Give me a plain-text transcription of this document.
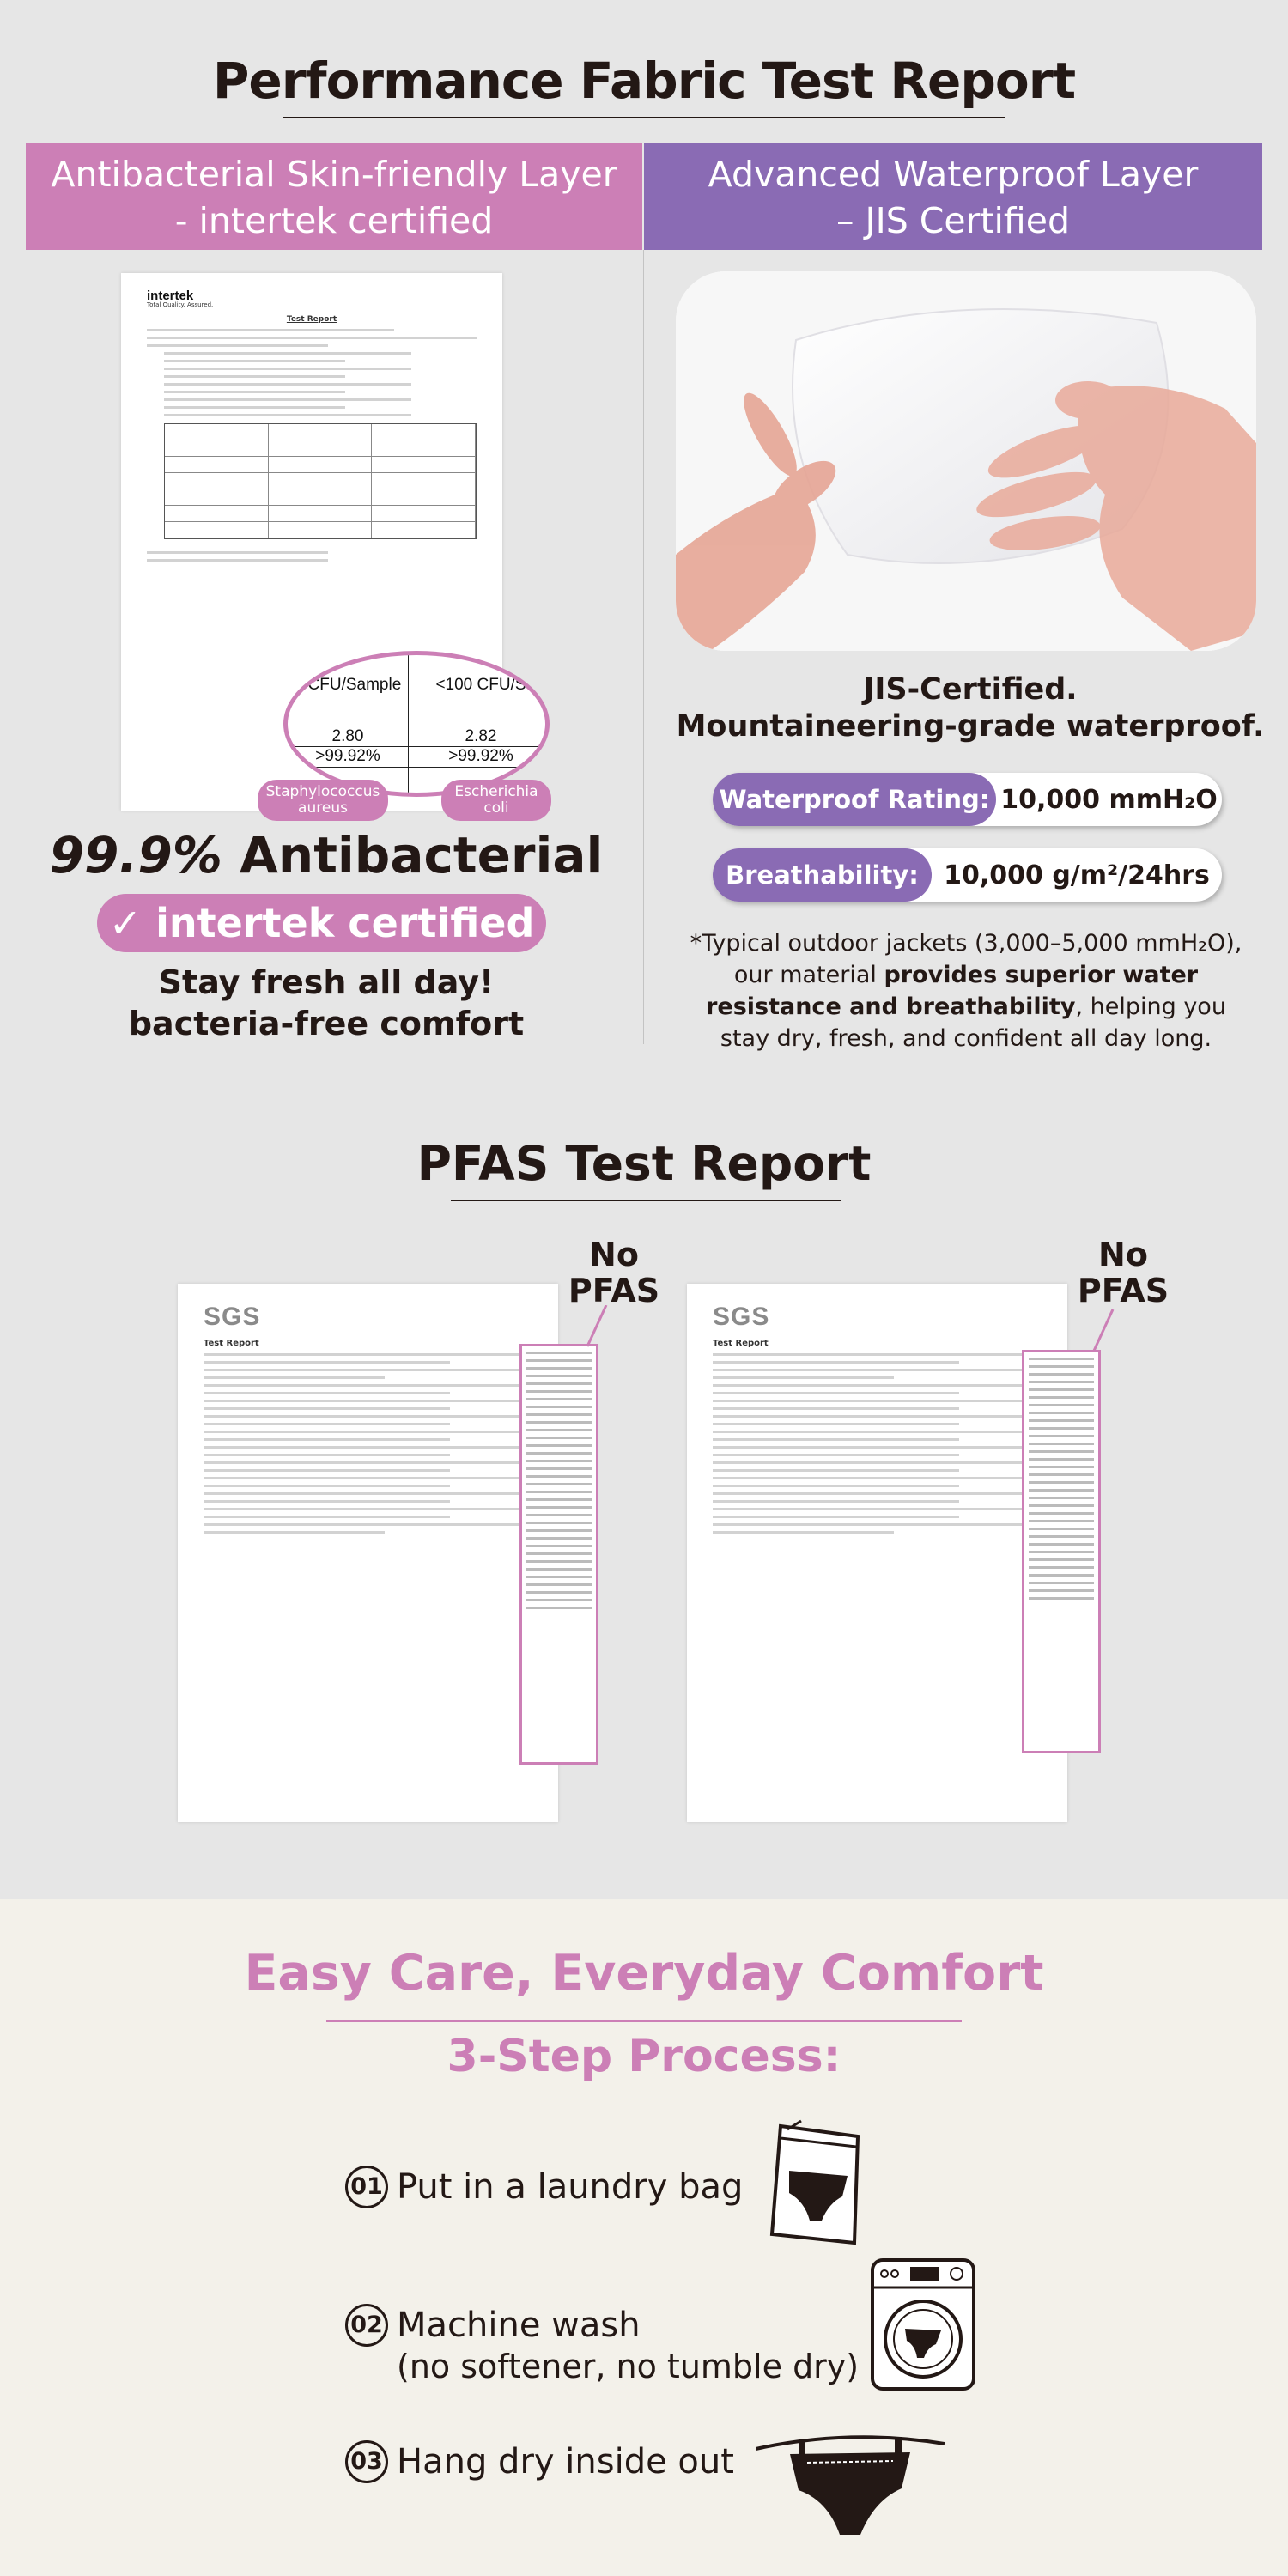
Performance Fabric Test Report
Antibacterial Skin-friendly Layer
- intertek certified
Advanced Waterproof Layer
– JIS Certified
intertek
Total Quality. Assured.
Test Report
0 CFU/Sample	<100 CFU/S
2.80	2.82
>99.92%	>99.92%
Staphylococcus
aureus
Escherichia
coli
99.9% Antibacterial
✓ intertek certified
Stay fresh all day!
bacteria-free comfort
JIS-Certified.
Mountaineering-grade waterproof.
Waterproof Rating: 10,000 mmH₂O
Breathability: 10,000 g/m²/24hrs
*Typical outdoor jackets (3,000–5,000 mmH₂O), our material provides superior water resistance and breathability, helping you stay dry, fresh, and confident all day long.
PFAS Test Report
SGS
Test Report
No
PFAS
SGS
Test Report
No
PFAS
Easy Care, Everyday Comfort
3-Step Process:
01 Put in a laundry bag
02 Machine wash
(no softener, no tumble dry)
03 Hang dry inside out
